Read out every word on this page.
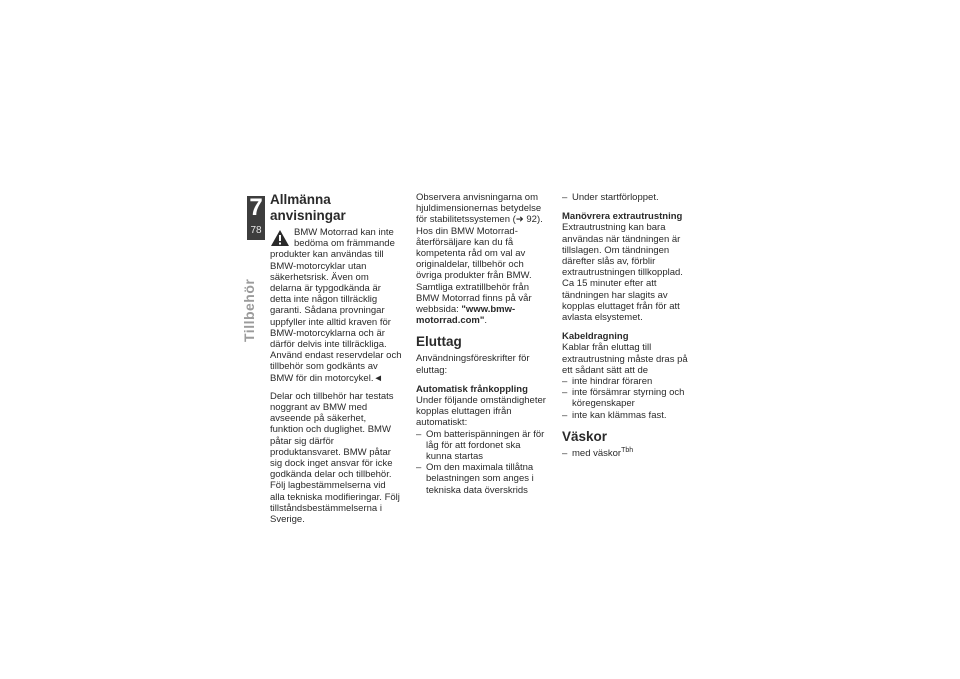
7
78
Tillbehör
Allmänna anvisningar

BMW Motorrad kan inte

bedöma om främmande

produkter kan användas till BMW-motorcyklar utan säkerhetsrisk. Även om delarna är typgodkända är detta inte någon tillräcklig garanti. Sådana provningar uppfyller inte alltid kraven för BMW-motorcyklarna och är därför delvis inte tillräckliga.

Använd endast reservdelar och tillbehör som godkänts av BMW för din motorcykel.◄

Delar och tillbehör har testats noggrant av BMW med avseende på säkerhet, funktion och duglighet. BMW påtar sig därför produktansvaret. BMW påtar sig dock inget ansvar för icke godkända delar och tillbehör.

Följ lagbestämmelserna vid alla tekniska modifieringar. Följ tillståndsbestämmelserna i Sverige.

Observera anvisningarna om hjuldimensionernas betydelse för stabilitetssystemen (➜ 92).

Hos din BMW Motorrad-återförsäljare kan du få kompetenta råd om val av originaldelar, tillbehör och övriga produkter från BMW. Samtliga extratillbehör från BMW Motorrad finns på vår webbsida: "www.bmw-motorrad.com".

Eluttag

Användningsföreskrifter för eluttag:

Automatisk frånkoppling

Under följande omständigheter kopplas eluttagen ifrån automatiskt:

– Om batterispänningen är för låg för att fordonet ska kunna startas
– Om den maximala tillåtna belastningen som anges i tekniska data överskrids
– Under startförloppet.
Manövrera extrautrustning

Extrautrustning kan bara användas när tändningen är tillslagen. Om tändningen därefter slås av, förblir extrautrustningen tillkopplad. Ca 15 minuter efter att tändningen har slagits av kopplas eluttaget från för att avlasta elsystemet.

Kabeldragning

Kablar från eluttag till extrautrustning måste dras på ett sådant sätt att de

– inte hindrar föraren
– inte försämrar styrning och köregenskaper
– inte kan klämmas fast.
Väskor
– med väskor$^{Tbh}$
